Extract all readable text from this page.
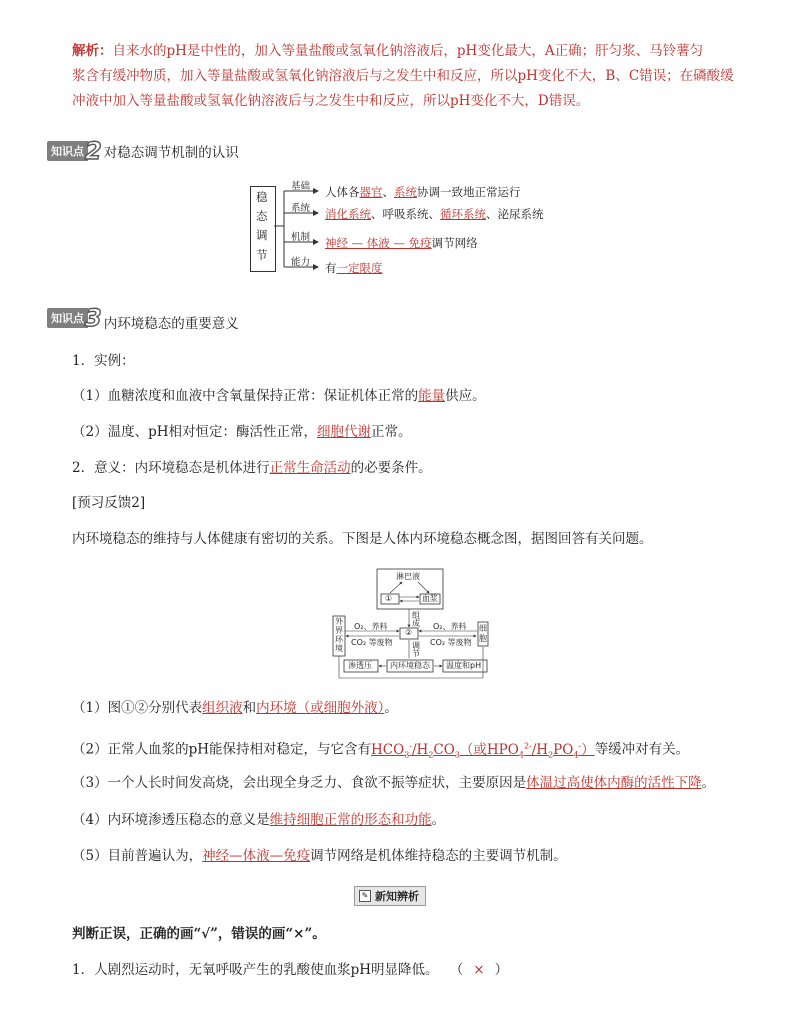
解析：自来水的pH是中性的，加入等量盐酸或氢氧化钠溶液后，pH变化最大，A正确；肝匀浆、马铃薯匀
浆含有缓冲物质，加入等量盐酸或氢氧化钠溶液后与之发生中和反应，所以pH变化不大，B、C错误；在磷酸缓
冲液中加入等量盐酸或氢氧化钠溶液后与之发生中和反应，所以pH变化不大，D错误。
知识点 2 对稳态调节机制的认识
稳
态
调
节
基础
系统
机制
能力
人体各器官、系统协调一致地正常运行
消化系统、呼吸系统、循环系统、泌尿系统
神经 — 体液 — 免疫调节网络
有一定限度
知识点 3 内环境稳态的重要意义
1．实例：
（1）血糖浓度和血液中含氧量保持正常：保证机体正常的能量供应。
（2）温度、pH相对恒定：酶活性正常，细胞代谢正常。
2．意义：内环境稳态是机体进行正常生命活动的必要条件。
[预习反馈2]
内环境稳态的维持与人体健康有密切的关系。下图是人体内环境稳态概念图，据图回答有关问题。
淋巴液
①	血浆
②
组
成
调
节
外
界
环
境
细
胞
O₂、养料
CO₂ 等废物
O₂、养料
CO₂ 等废物
渗透压 内环境稳态 温度和pH
（1）图①②分别代表组织液和内环境（或细胞外液）。
（2）正常人血浆的pH能保持相对稳定，与它含有$HCO_3^-/H_2CO_3$（或$HPO_4^{2-}/H_2PO_4^-$）等缓冲对有关。
（3）一个人长时间发高烧，会出现全身乏力、食欲不振等症状，主要原因是体温过高使体内酶的活性下降。
（4）内环境渗透压稳态的意义是维持细胞正常的形态和功能。
（5）目前普遍认为，神经—体液—免疫调节网络是机体维持稳态的主要调节机制。
✎ 新知辨析
判断正误，正确的画“√”，错误的画“×”。
1．人剧烈运动时，无氧呼吸产生的乳酸使血浆pH明显降低。 （ × ）
